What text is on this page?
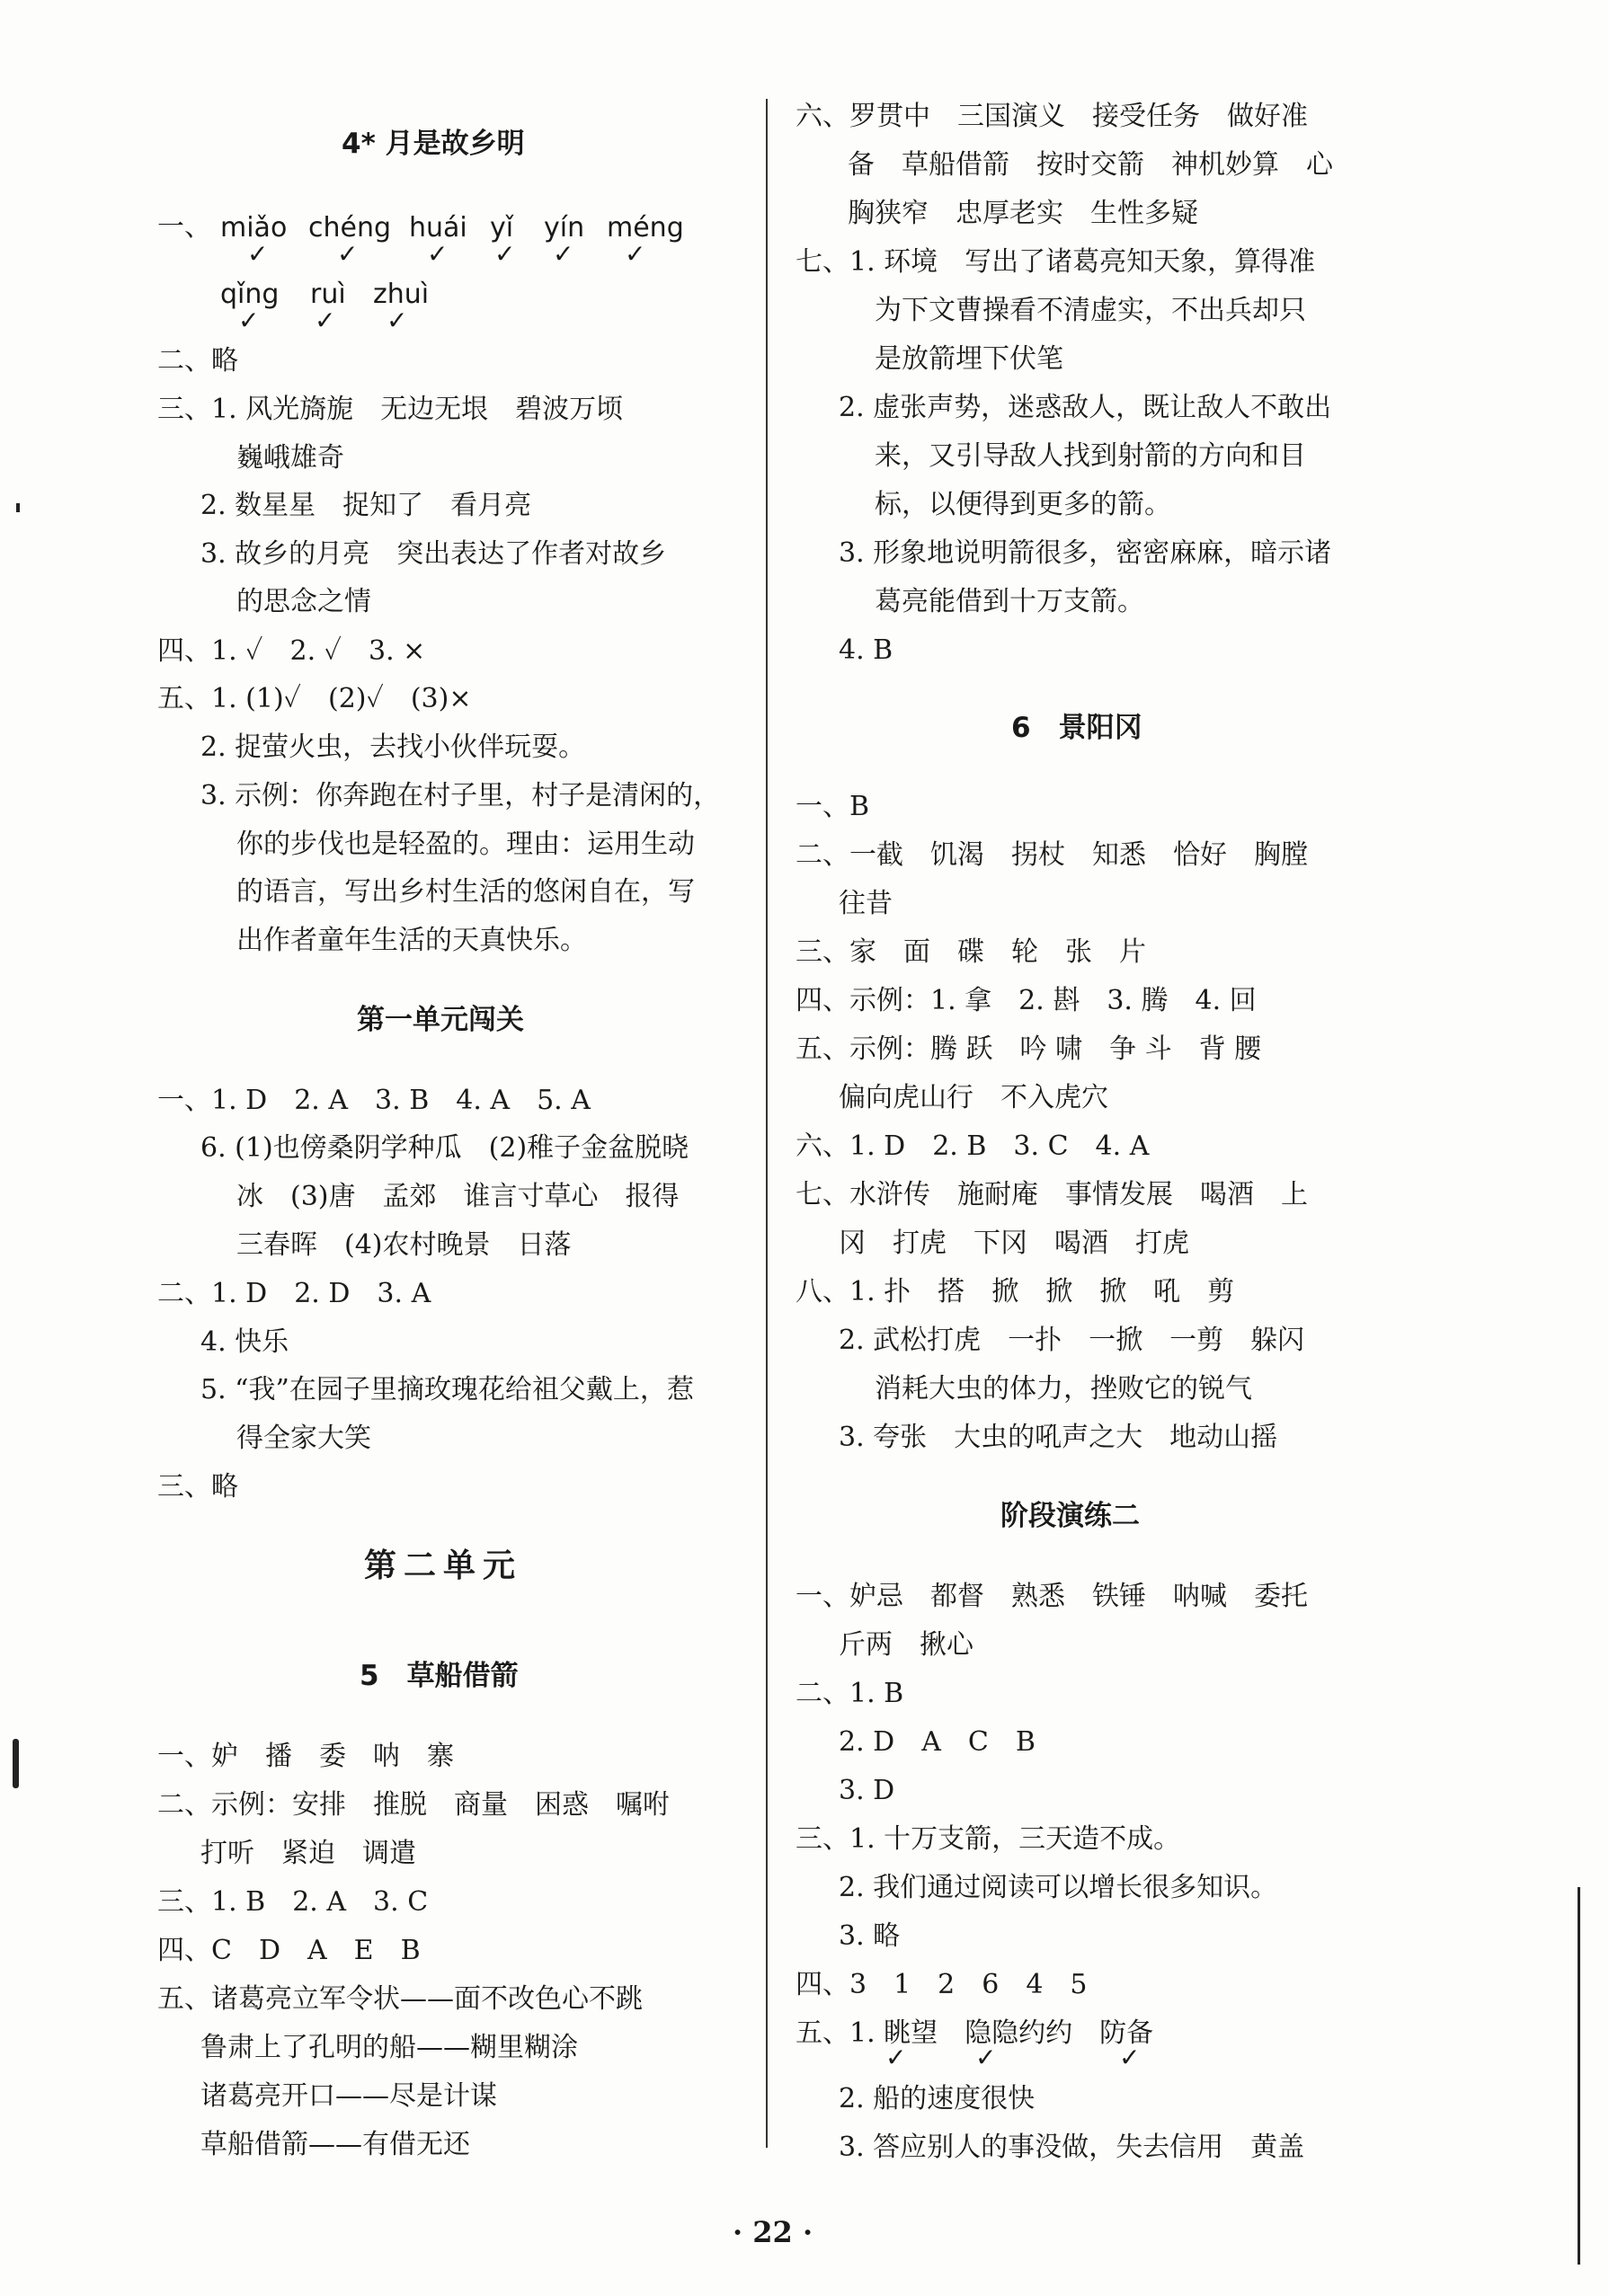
4* 月是故乡明
一、 miǎo chéng huái yǐ yín méng
✓	✓	✓ ✓ ✓ ✓
qǐng ruì zhuì
✓ ✓ ✓
二、略
三、1. 风光旖旎　无边无垠　碧波万顷
巍峨雄奇
2. 数星星　捉知了　看月亮
3. 故乡的月亮　突出表达了作者对故乡
的思念之情
四、1. ✓　2. ✓　3. ×
五、1. (1)✓　(2)✓　(3)×
2. 捉萤火虫，去找小伙伴玩耍。
3. 示例：你奔跑在村子里，村子是清闲的，
你的步伐也是轻盈的。理由：运用生动
的语言，写出乡村生活的悠闲自在，写
出作者童年生活的天真快乐。
第一单元闯关
一、1. D　2. A　3. B　4. A　5. A
6. (1)也傍桑阴学种瓜　(2)稚子金盆脱晓
冰　(3)唐　孟郊　谁言寸草心　报得
三春晖　(4)农村晚景　日落
二、1. D　2. D　3. A
4. 快乐
5. “我”在园子里摘玫瑰花给祖父戴上，惹
得全家大笑
三、略
第二单元
5　草船借箭
一、妒　播　委　呐　寨
二、示例：安排　推脱　商量　困惑　嘱咐
打听　紧迫　调遣
三、1. B　2. A　3. C
四、C　D　A　E　B
五、诸葛亮立军令状——面不改色心不跳
鲁肃上了孔明的船——糊里糊涂
诸葛亮开口——尽是计谋
草船借箭——有借无还
六、罗贯中　三国演义　接受任务　做好准
备　草船借箭　按时交箭　神机妙算　心
胸狭窄　忠厚老实　生性多疑
七、1. 环境　写出了诸葛亮知天象，算得准
为下文曹操看不清虚实，不出兵却只
是放箭埋下伏笔
2. 虚张声势，迷惑敌人，既让敌人不敢出
来，又引导敌人找到射箭的方向和目
标，以便得到更多的箭。
3. 形象地说明箭很多，密密麻麻，暗示诸
葛亮能借到十万支箭。
4. B
6　景阳冈
一、B
二、一截　饥渴　拐杖　知悉　恰好　胸膛
往昔
三、家　面　碟　轮　张　片
四、示例：1. 拿　2. 斟　3. 腾　4. 回
五、示例：腾 跃　吟 啸　争 斗　背 腰
偏向虎山行　不入虎穴
六、1. D　2. B　3. C　4. A
七、水浒传　施耐庵　事情发展　喝酒　上
冈　打虎　下冈　喝酒　打虎
八、1. 扑　搭　掀　掀　掀　吼　剪
2. 武松打虎　一扑　一掀　一剪　躲闪
消耗大虫的体力，挫败它的锐气
3. 夸张　大虫的吼声之大　地动山摇
阶段演练二
一、妒忌　都督　熟悉　铁锤　呐喊　委托
斤两　揪心
二、1. B
2. D　A　C　B
3. D
三、1. 十万支箭，三天造不成。
2. 我们通过阅读可以增长很多知识。
3. 略
四、3　1　2　6　4　5
五、1. 眺望　隐隐约约　防备
✓	✓	✓
2. 船的速度很快
3. 答应别人的事没做，失去信用　黄盖
· 22 ·
